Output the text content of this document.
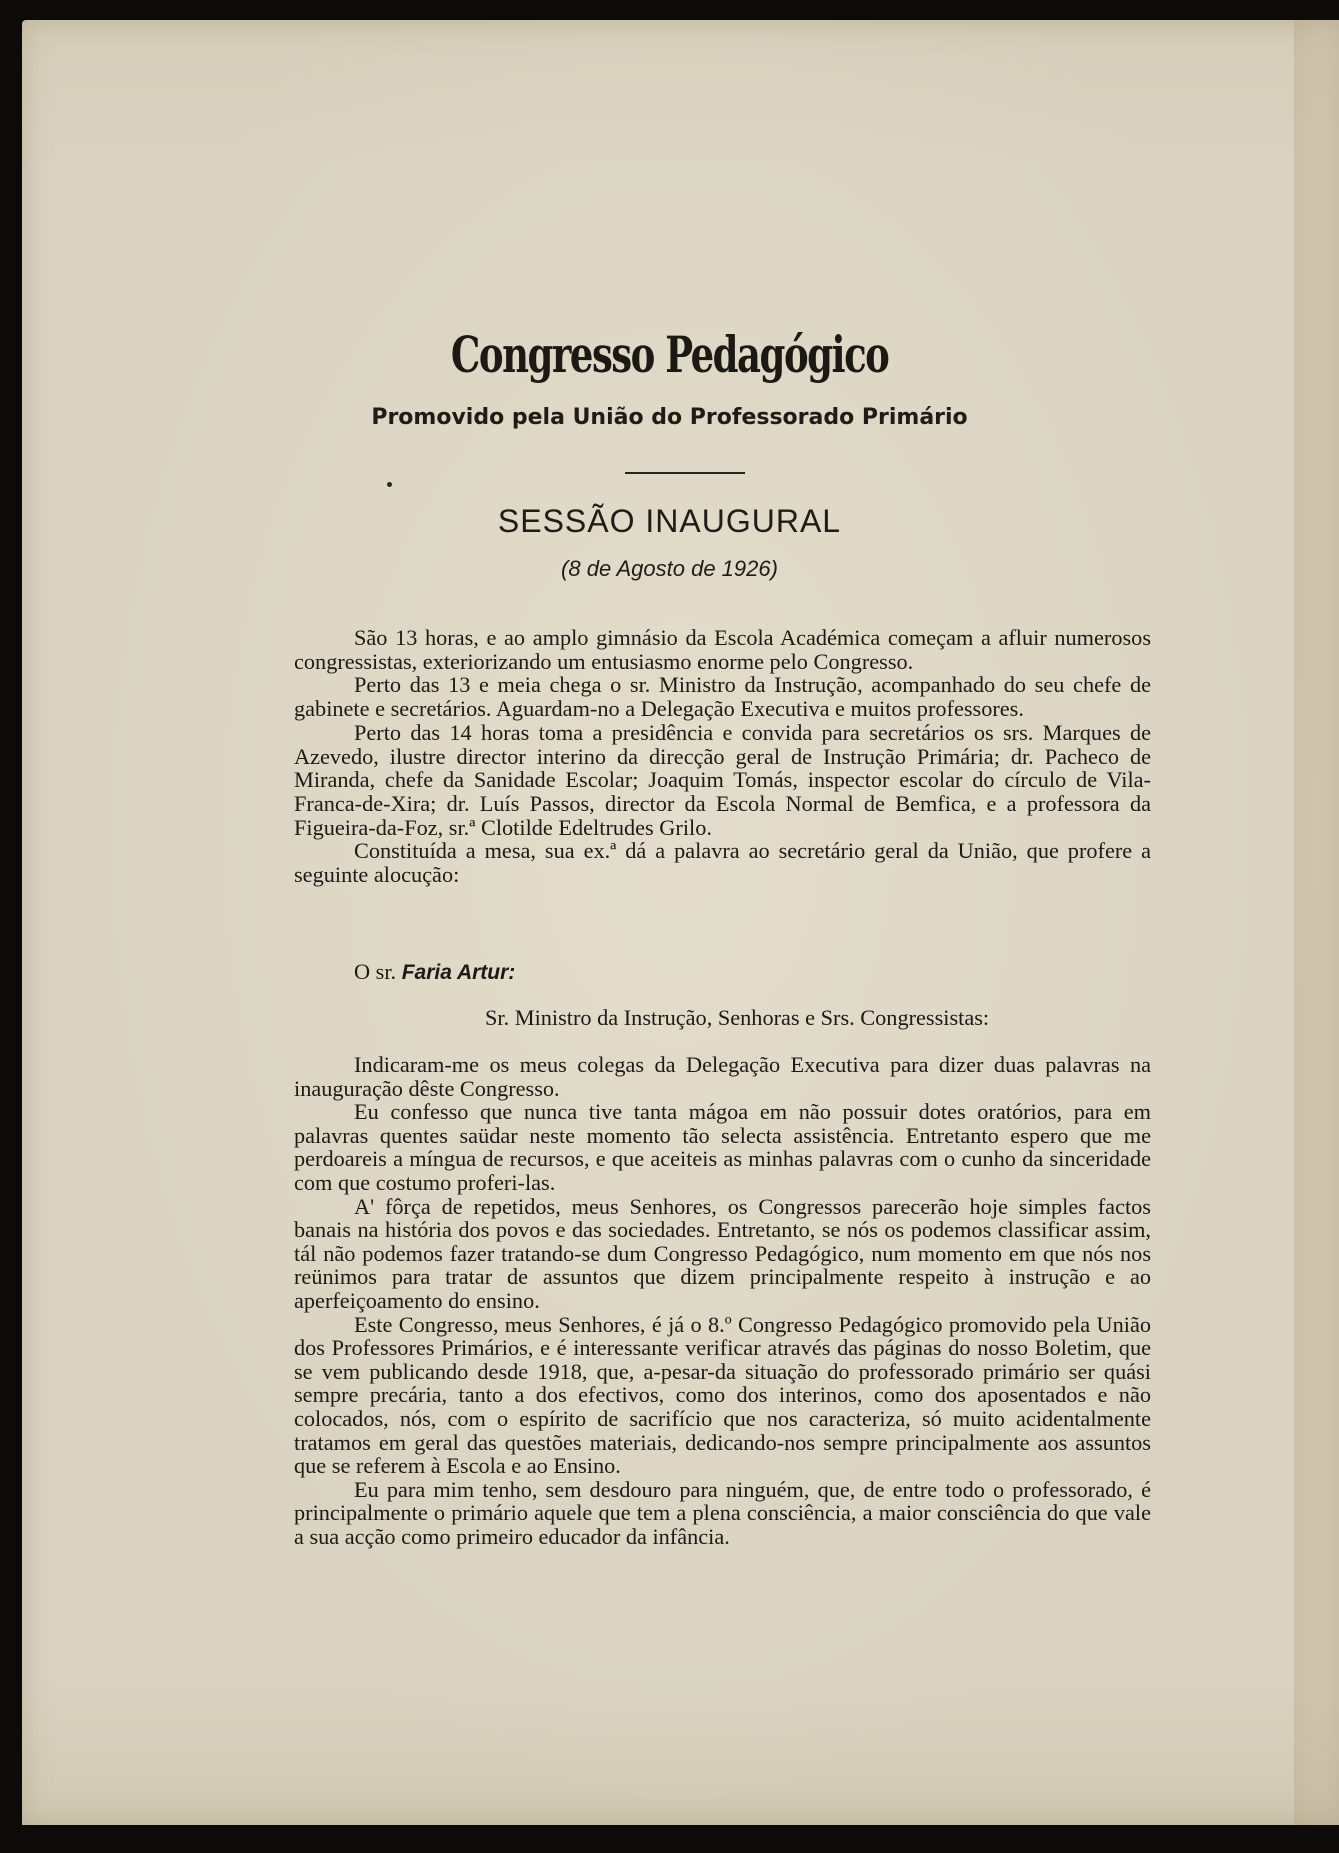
Congresso Pedagógico
Promovido pela União do Professorado Primário
SESSÃO INAUGURAL
(8 de Agosto de 1926)

São 13 horas, e ao amplo gimnásio da Escola Académica começam a afluir numerosos congressistas, exteriorizando um entusiasmo enorme pelo Congresso.

Perto das 13 e meia chega o sr. Ministro da Instrução, acompanhado do seu chefe de gabinete e secretários. Aguardam-no a Delegação Executiva e muitos professores.

Perto das 14 horas toma a presidência e convida para secretários os srs. Marques de Azevedo, ilustre director interino da direcção geral de Instrução Primária; dr. Pacheco de Miranda, chefe da Sanidade Escolar; Joaquim Tomás, inspector escolar do círculo de Vila-Franca-de-Xira; dr. Luís Passos, director da Escola Normal de Bemfica, e a professora da Figueira-da-Foz, sr.ª Clotilde Edeltrudes Grilo.

Constituída a mesa, sua ex.ª dá a palavra ao secretário geral da União, que profere a seguinte alocução:

O sr. Faria Artur:
Sr. Ministro da Instrução, Senhoras e Srs. Congressistas:

Indicaram-me os meus colegas da Delegação Executiva para dizer duas palavras na inauguração dêste Congresso.

Eu confesso que nunca tive tanta mágoa em não possuir dotes oratórios, para em palavras quentes saüdar neste momento tão selecta assistência. Entretanto espero que me perdoareis a míngua de recursos, e que aceiteis as minhas palavras com o cunho da sinceridade com que costumo proferi-las.

A' fôrça de repetidos, meus Senhores, os Congressos parecerão hoje simples factos banais na história dos povos e das sociedades. Entretanto, se nós os podemos classificar assim, tál não podemos fazer tratando-se dum Congresso Pedagógico, num momento em que nós nos reünimos para tratar de assuntos que dizem principalmente respeito à instrução e ao aperfeiçoamento do ensino.

Este Congresso, meus Senhores, é já o 8.º Congresso Pedagógico promovido pela União dos Professores Primários, e é interessante verificar através das páginas do nosso Boletim, que se vem publicando desde 1918, que, a-pesar-da situação do professorado primário ser quási sempre precária, tanto a dos efectivos, como dos interinos, como dos aposentados e não colocados, nós, com o espírito de sacrifício que nos caracteriza, só muito acidentalmente tratamos em geral das questões materiais, dedicando-nos sempre principalmente aos assuntos que se referem à Escola e ao Ensino.

Eu para mim tenho, sem desdouro para ninguém, que, de entre todo o professorado, é principalmente o primário aquele que tem a plena consciência, a maior consciência do que vale a sua acção como primeiro educador da infância.
